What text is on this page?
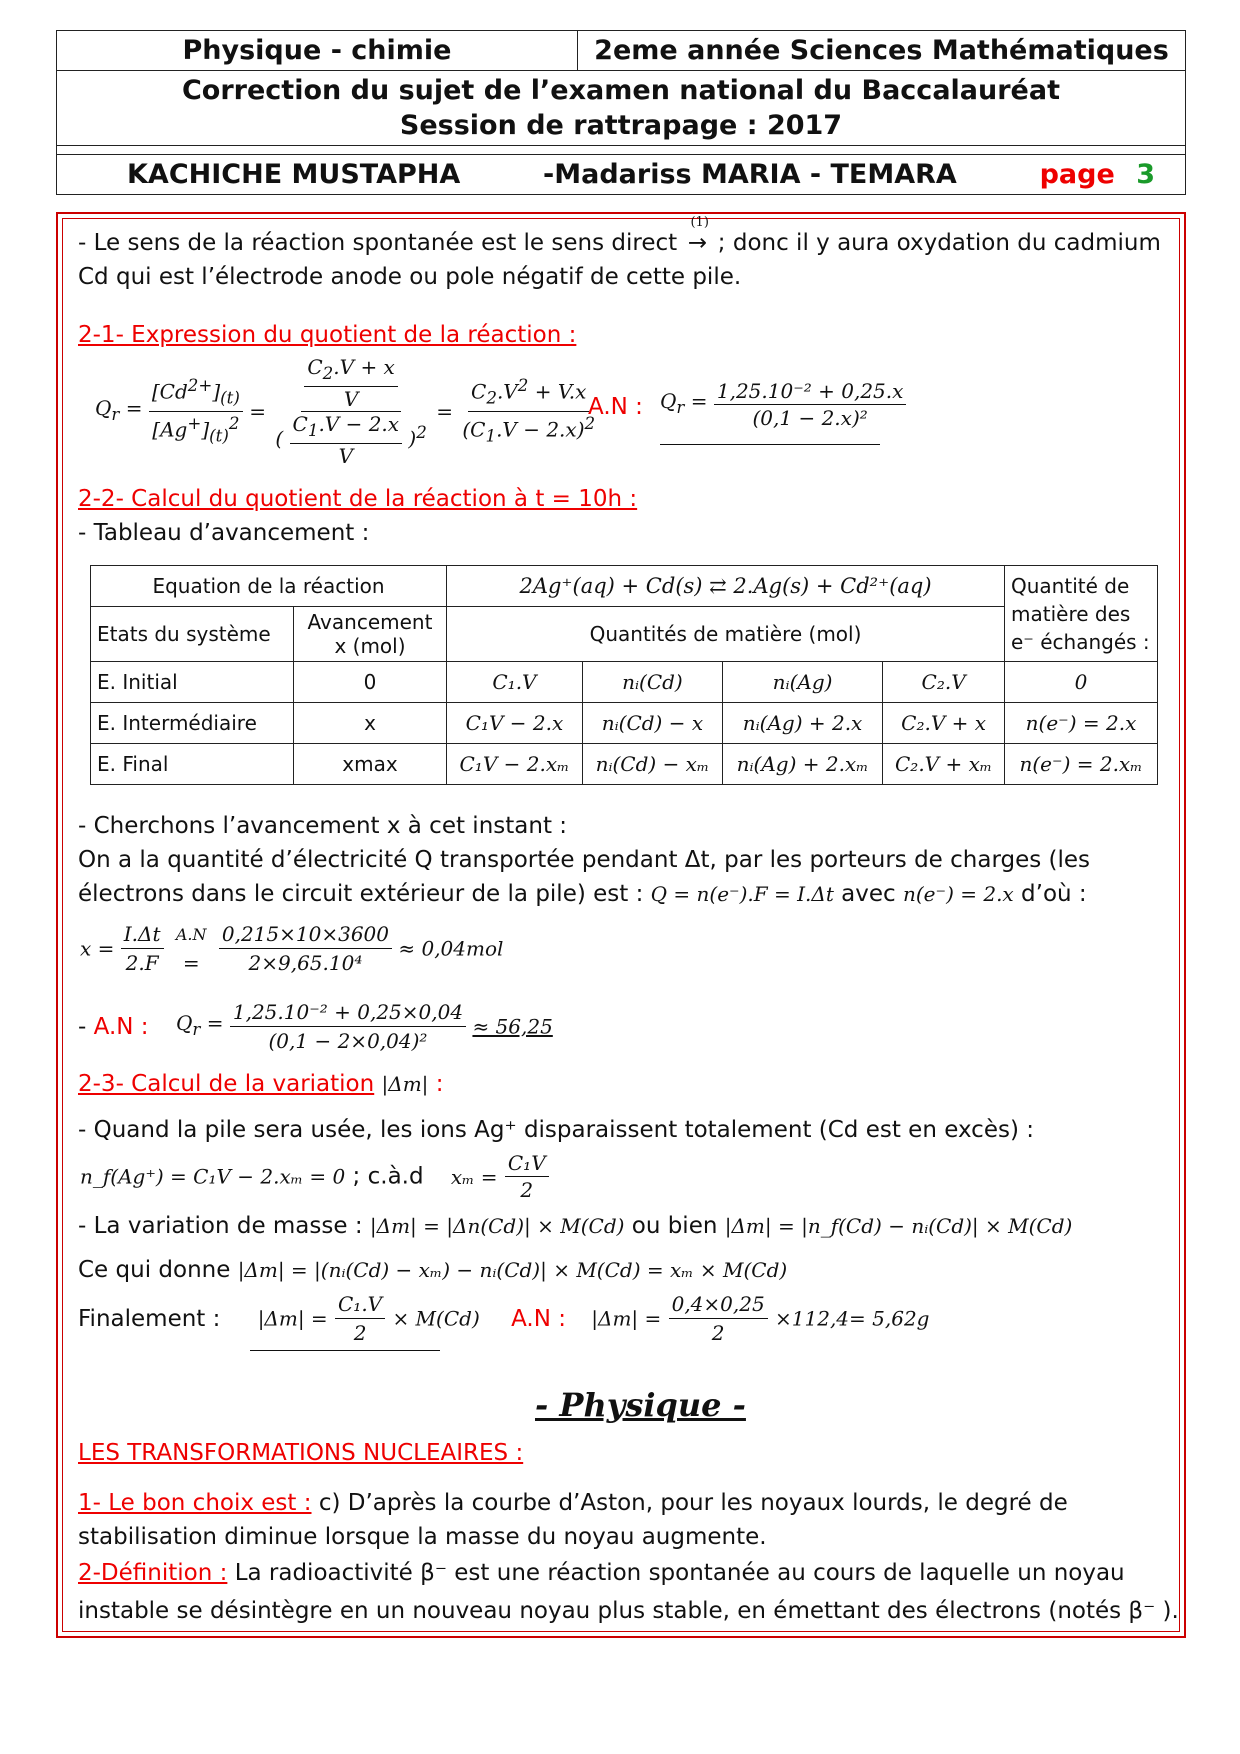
Physique - chimie	2eme année Sciences Mathématiques
Correction du sujet de l’examen national du Baccalauréat
Session de rattrapage : 2017
KACHICHE MUSTAPHA	-Madariss MARIA - TEMARA	page 3
- Le sens de la réaction spontanée est le sens direct →
(1)
; donc il y aura oxydation du cadmium
Cd qui est l’électrode anode ou pole négatif de cette pile.
2-1- Expression du quotient de la réaction :
$Q_r = \frac{[Cd^{2+}]_{(t)}}{[Ag^+]_{(t)}^2} = \frac{\frac{C_2.V + x}{V}}{( \frac{C_1.V - 2.x}{V} )^2} = \frac{C_2.V^2 + V.x}{(C_1.V - 2.x)^2}$
A.N : $Q_r = \frac{\text{1,25.10⁻² + 0,25.x}}{\text{(0,1 − 2.x)²}}$
2-2- Calcul du quotient de la réaction à t = 10h :
- Tableau d’avancement :
Equation de la réaction		2Ag⁺(aq) + Cd(s) ⇄ 2.Ag(s) + Cd²⁺(aq)				Quantité de matière des e⁻ échangés :
Etats du système	Avancement x (mol)	Quantités de matière (mol)				
E. Initial	0	C₁.V	nᵢ(Cd)	nᵢ(Ag)	C₂.V	0
E. Intermédiaire	x	C₁V − 2.x	nᵢ(Cd) − x	nᵢ(Ag) + 2.x	C₂.V + x	n(e⁻) = 2.x
E. Final	xmax	C₁V − 2.xₘ	nᵢ(Cd) − xₘ	nᵢ(Ag) + 2.xₘ	C₂.V + xₘ	n(e⁻) = 2.xₘ
- Cherchons l’avancement x à cet instant :
On a la quantité d’électricité Q transportée pendant Δt, par les porteurs de charges (les
électrons dans le circuit extérieur de la pile) est : Q = n(e⁻).F = I.Δt avec n(e⁻) = 2.x d’où :
$x = \frac{I.\Delta t}{2.F}$
A.N
=
$\frac{0,215\times 10\times 3600}{\text{2×9,65.10⁴}} \approx 0,04mol$
- A.N : $Q_r = \frac{\text{1,25.10⁻² + 0,25×0,04}}{\text{(0,1 − 2×0,04)²}} \approx 56,25$
2-3- Calcul de la variation |Δm| :
- Quand la pile sera usée, les ions Ag⁺ disparaissent totalement (Cd est en excès) :
n_f(Ag⁺) = C₁V − 2.xₘ = 0 ; c.à.d $x_m = \frac{\text{C₁V}}{2}$
- La variation de masse : |Δm| = |Δn(Cd)| × M(Cd) ou bien |Δm| = |n_f(Cd) − nᵢ(Cd)| × M(Cd)
Ce qui donne |Δm| = |(nᵢ(Cd) − xₘ) − nᵢ(Cd)| × M(Cd) = xₘ × M(Cd)
Finalement : $|\Delta m| = \frac{\text{C₁.V}}{2} \times M(Cd)$ A.N : $|\Delta m| = \frac{0,4\times 0,25}{2} \times 112,4= 5,62g$
- Physique -
LES TRANSFORMATIONS NUCLEAIRES :
1- Le bon choix est : c) D’après la courbe d’Aston, pour les noyaux lourds, le degré de
stabilisation diminue lorsque la masse du noyau augmente.
2-Définition : La radioactivité β⁻ est une réaction spontanée au cours de laquelle un noyau
instable se désintègre en un nouveau noyau plus stable, en émettant des électrons (notés β⁻ ).
